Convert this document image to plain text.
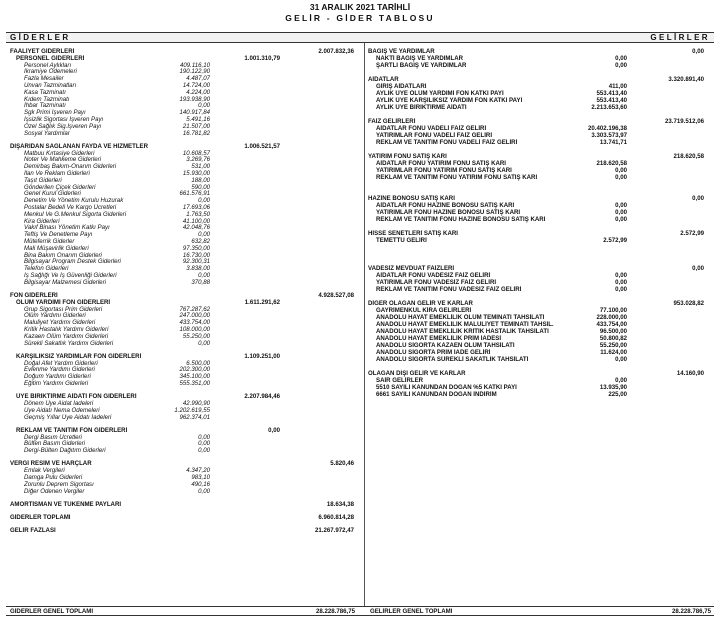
31 ARALIK 2021 TARİHLİ
GELİR - GİDER TABLOSU
GİDERLER	GELİRLER
FAALİYET GİDERLERİ	2.007.832,36
PERSONEL GİDERLERİ	1.001.310,79
Personel Aylıkları	409.116,10
İkramiye Ödemeleri	190.122,90
Fazla Mesailer	4.487,07
Unvan Tazminatları	14.724,00
Kasa Tazminatı	4.224,00
Kıdem Tazminatı	193.938,90
İhbar Tazminatı	0,00
Sgk Primi İşveren Payı	140.917,84
İşsizlik Sigortası İşveren Payı	5.491,16
Özel Sağlık Sig.İşveren Payı	21.507,00
Sosyal Yardımlar	16.781,82
DIŞARIDAN SAĞLANAN FAYDA VE HİZMETLER	1.006.521,57
Matbuu Kırtasiye Giderleri	10.608,57
Noter Ve Mahkeme Giderleri	3.269,76
Demirbaş Bakım-Onarım Giderleri	531,00
İlan Ve Reklam Giderleri	15.930,00
Taşıt Giderleri	188,00
Gönderilen Çiçek Giderleri	590,00
Genel Kurul Giderleri	661.576,91
Denetim Ve Yönetim Kurulu Huzurak	0,00
Postalar Bedeli Ve Kargo Ücretleri	17.693,06
Menkul Ve G.Menkul Sigorta Giderleri	1.763,50
Kira Giderleri	41.100,00
Vakıf Binası Yönetim Katkı Payı	42.048,76
Teftiş Ve Denetleme Payı	0,00
Müteferrik Giderler	632,82
Mali Müşavirlik Giderleri	97.350,00
Bina Bakım Onarım Giderleri	16.730,00
Bilgisayar Program Destek Giderleri	92.300,31
Telefon Giderleri	3.838,00
İş Sağlığı Ve İş Güvenliği Giderleri	0,00
Bilgisayar Malzemesi Giderleri	370,88
FON GİDERLERİ	4.928.527,08
ÖLÜM YARDIMI FON GİDERLERİ	1.611.291,62
Grup Sigortası Prim Giderleri	767.287,62
Ölüm Yardımı Giderleri	247.000,00
Maluliyet Yardımı Giderleri	433.754,00
Kritik Hastalık Yardımı Giderleri	108.000,00
Kazaen Ölüm Yardımı Giderleri	55.250,00
Sürekli Sakatlık Yardımı Giderleri	0,00
KARŞILIKSIZ YARDIMLAR FON GİDERLERİ	1.109.251,00
Doğal Afet Yardım Giderleri	6.500,00
Evlenme Yardımı Giderleri	202.300,00
Doğum Yardımı Giderleri	345.100,00
Eğitim Yardımı Giderleri	555.351,00
ÜYE BİRİKTİRME AİDATI FON GİDERLERİ	2.207.984,46
Dönem Üye Aidat İadeleri	42.990,90
Üye Aidatı Nema Ödemeleri	1.202.619,55
Geçmiş Yıllar Üye Aidatı İadeleri	962.374,01
REKLAM VE TANITIM FON GİDERLERİ	0,00
Dergi Basım Ücretleri	0,00
Bülten Basım Giderleri	0,00
Dergi-Bülten Dağıtım Giderleri	0,00
VERGİ RESİM VE HARÇLAR	5.820,46
Emlak Vergileri	4.347,20
Damga Pulu Giderleri	983,10
Zorunlu Deprem Sigortası	490,16
Diğer Ödenen Vergiler	0,00
AMORTİSMAN VE TÜKENME PAYLARI	18.634,38
GİDERLER TOPLAMI	6.960.814,28
GELİR FAZLASI	21.267.972,47
BAĞIŞ VE YARDIMLAR	0,00
NAKTİ BAĞIŞ VE YARDIMLAR	0,00
ŞARTLI BAĞIŞ VE YARDIMLAR	0,00
AİDATLAR	3.320.891,40
GİRİŞ AİDATLARI	411,00
AYLIK ÜYE ÖLÜM YARDIMI FON KATKI PAYI	553.413,40
AYLIK ÜYE KARŞILIKSIZ YARDIM FON KATKI PAYI	553.413,40
AYLIK ÜYE BİRİKTİRME AİDATI	2.213.653,60
FAİZ GELİRLERİ	23.719.512,06
AİDATLAR FONU VADELİ FAİZ GELİRİ	20.402.196,38
YATIRIMLAR FONU VADELİ FAİZ GELİRİ	3.303.573,97
REKLAM VE TANITIM FONU VADELİ FAİZ GELİRİ	13.741,71
YATIRIM FONU SATIŞ KARI	218.620,58
AİDATLAR FONU YATIRIM FONU SATIŞ KARI	218.620,58
YATIRIMLAR FONU YATIRIM FONU SATIŞ KARI	0,00
REKLAM VE TANITIM FONU YATIRIM FONU SATIŞ KARI	0,00
HAZİNE BONOSU SATIŞ KARI	0,00
AİDATLAR FONU HAZİNE BONOSU SATIŞ KARI	0,00
YATIRIMLAR FONU HAZİNE BONOSU SATIŞ KARI	0,00
REKLAM VE TANITIM FONU HAZİNE BONOSU SATIŞ KARI	0,00
HİSSE SENETLERİ SATIŞ KARI	2.572,99
TEMETTÜ GELİRİ	2.572,99
VADESİZ MEVDUAT FAİZLERİ	0,00
AİDATLAR FONU VADESİZ FAİZ GELİRİ	0,00
YATIRIMLAR FONU VADESİZ FAİZ GELİRİ	0,00
REKLAM VE TANITIM FONU VADESİZ FAİZ GELİRİ	0,00
DİĞER OLAĞAN GELİR VE KARLAR	953.028,82
GAYRİMENKUL KİRA GELİRLERİ	77.100,00
ANADOLU HAYAT EMEKLİLİK ÖLÜM TEMİNATI TAHSİLATI	228.000,00
ANADOLU HAYAT EMEKLİLİK MALULİYET TEMİNATI TAHSİL.	433.754,00
ANADOLU HAYAT EMEKLİLİK KRİTİK HASTALIK TAHSİLATI	96.500,00
ANADOLU HAYAT EMEKLİLİK PRİM İADESİ	50.800,82
ANADOLU SİGORTA KAZAEN ÖLÜM TAHSİLATI	55.250,00
ANADOLU SİGORTA PRİM İADE GELİRİ	11.624,00
ANADOLU SİGORTA SÜREKLİ SAKATLIK TAHSİLATI	0,00
OLAĞAN DIŞI GELİR VE KARLAR	14.160,90
SAİR GELİRLER	0,00
5510 SAYILI KANUNDAN DOĞAN %5 KATKI PAYI	13.935,90
6661 SAYILI KANUNDAN DOĞAN İNDİRİM	225,00
GİDERLER GENEL TOPLAMI	28.228.786,75 GELİRLER GENEL TOPLAMI	28.228.786,75
